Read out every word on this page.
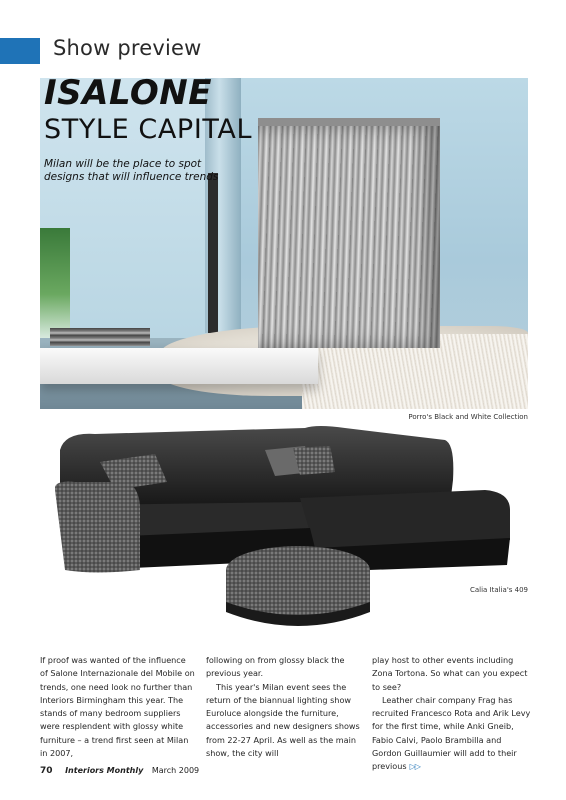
Show preview
ISALONE
STYLE CAPITAL

Milan will be the place to spot designs that will influence trends

Porro's Black and White Collection
Calia Italia's 409

If proof was wanted of the influence of Salone Internazionale del Mobile on trends, one need look no further than Interiors Birmingham this year. The stands of many bedroom suppliers were resplendent with glossy white furniture – a trend first seen at Milan in 2007,

following on from glossy black the previous year.

This year's Milan event sees the return of the biannual lighting show Euroluce alongside the furniture, accessories and new designers shows from 22-27 April. As well as the main show, the city will

play host to other events including Zona Tortona. So what can you expect to see?

Leather chair company Frag has recruited Francesco Rota and Arik Levy for the first time, while Anki Gneib, Fabio Calvi, Paolo Brambilla and Gordon Guillaumier will add to their previous ▷▷

70 Interiors Monthly March 2009
